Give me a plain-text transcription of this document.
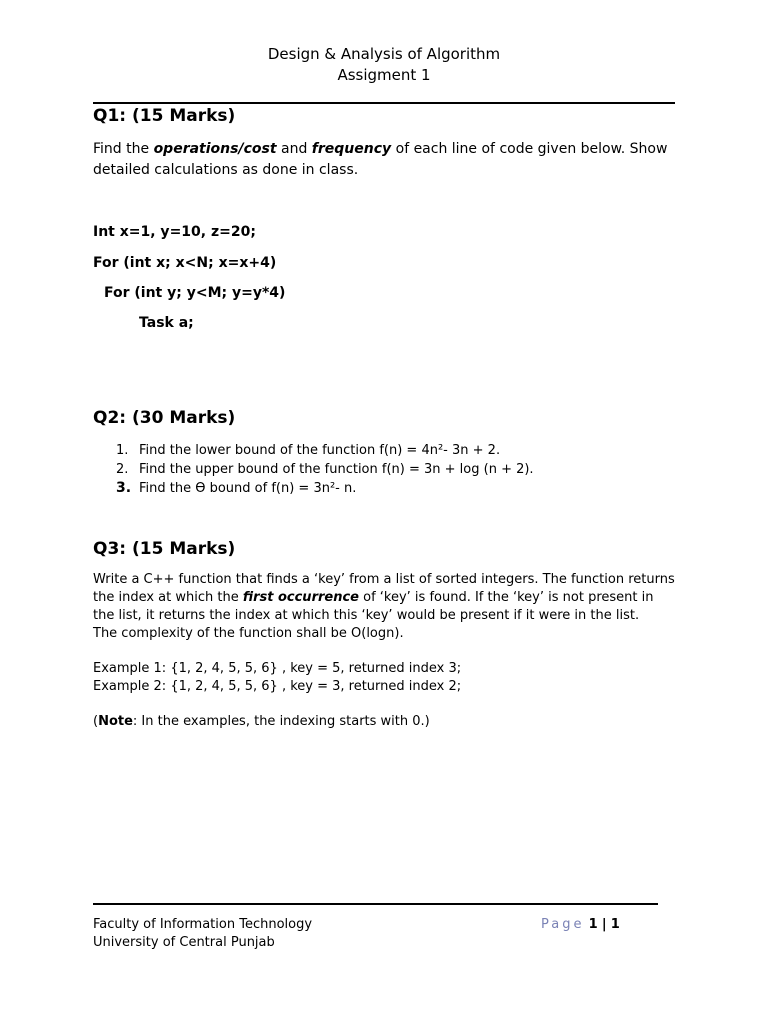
Design & Analysis of Algorithm
Assigment 1
Q1: (15 Marks)
Find the operations/cost and frequency of each line of code given below. Show detailed calculations as done in class.
Int x=1, y=10, z=20;
For (int x; x<N; x=x+4)
For (int y; y<M; y=y*4)
Task a;
Q2: (30 Marks)
1. Find the lower bound of the function f(n) = 4n²- 3n + 2.
2. Find the upper bound of the function f(n) = 3n + log (n + 2).
3. Find the Ɵ bound of f(n) = 3n²- n.
Q3: (15 Marks)
Write a C++ function that finds a ‘key’ from a list of sorted integers. The function returns the index at which the first occurrence of ‘key’ is found. If the ‘key’ is not present in the list, it returns the index at which this ‘key’ would be present if it were in the list.
The complexity of the function shall be O(logn).
Example 1: {1, 2, 4, 5, 5, 6} , key = 5, returned index 3;
Example 2: {1, 2, 4, 5, 5, 6} , key = 3, returned index 2;
(Note: In the examples, the indexing starts with 0.)
Faculty of Information Technology
University of Central Punjab
Page 1 | 1
